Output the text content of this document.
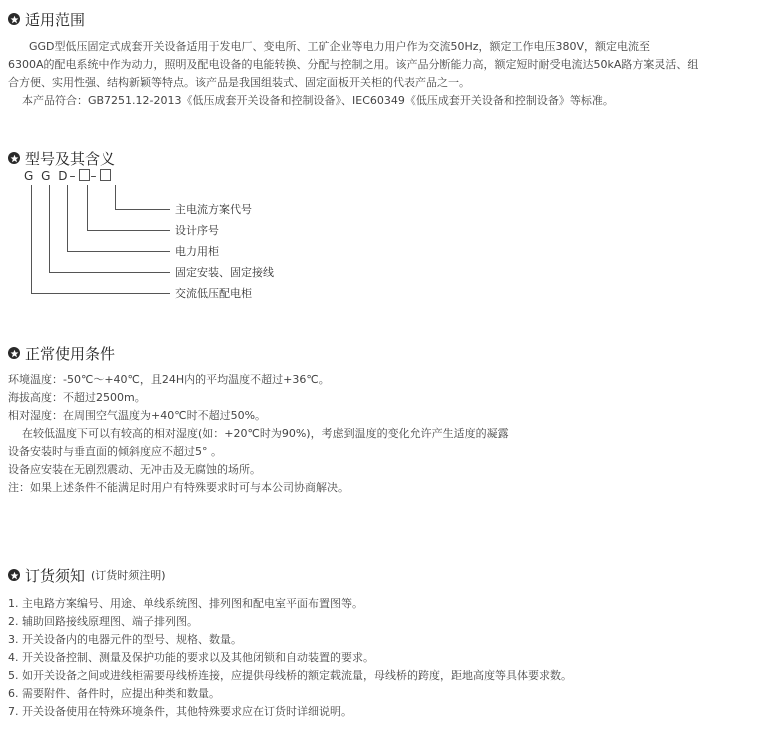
适用范围
GGD型低压固定式成套开关设备适用于发电厂、变电所、工矿企业等电力用户作为交流50Hz，额定工作电压380V，额定电流至
6300A的配电系统中作为动力，照明及配电设备的电能转换、分配与控制之用。该产品分断能力高，额定短时耐受电流达50kA路方案灵活、组
合方便、实用性强、结构新颖等特点。该产品是我国组装式、固定面板开关柜的代表产品之一。
本产品符合：GB7251.12-2013《低压成套开关设备和控制设备》、IEC60349《低压成套开关设备和控制设备》等标准。
型号及其含义
G G D– –
主电流方案代号
设计序号
电力用柜
固定安装、固定接线
交流低压配电柜
正常使用条件
环境温度：-50℃～+40℃，且24H内的平均温度不超过+36℃。
海拔高度：不超过2500m。
相对湿度：在周围空气温度为+40℃时不超过50%。
在较低温度下可以有较高的相对湿度(如：+20℃时为90%)，考虑到温度的变化允许产生适度的凝露
设备安装时与垂直面的倾斜度应不超过5° 。
设备应安装在无剧烈震动、无冲击及无腐蚀的场所。
注：如果上述条件不能满足时用户有特殊要求时可与本公司协商解决。
订货须知 (订货时须注明)
1. 主电路方案编号、用途、单线系统图、排列图和配电室平面布置图等。
2. 辅助回路接线原理图、端子排列图。
3. 开关设备内的电器元件的型号、规格、数量。
4. 开关设备控制、测量及保护功能的要求以及其他闭锁和自动装置的要求。
5. 如开关设备之间或进线柜需要母线桥连接，应提供母线桥的额定载流量，母线桥的跨度，距地高度等具体要求数。
6. 需要附件、备件时，应提出种类和数量。
7. 开关设备使用在特殊环境条件，其他特殊要求应在订货时详细说明。
